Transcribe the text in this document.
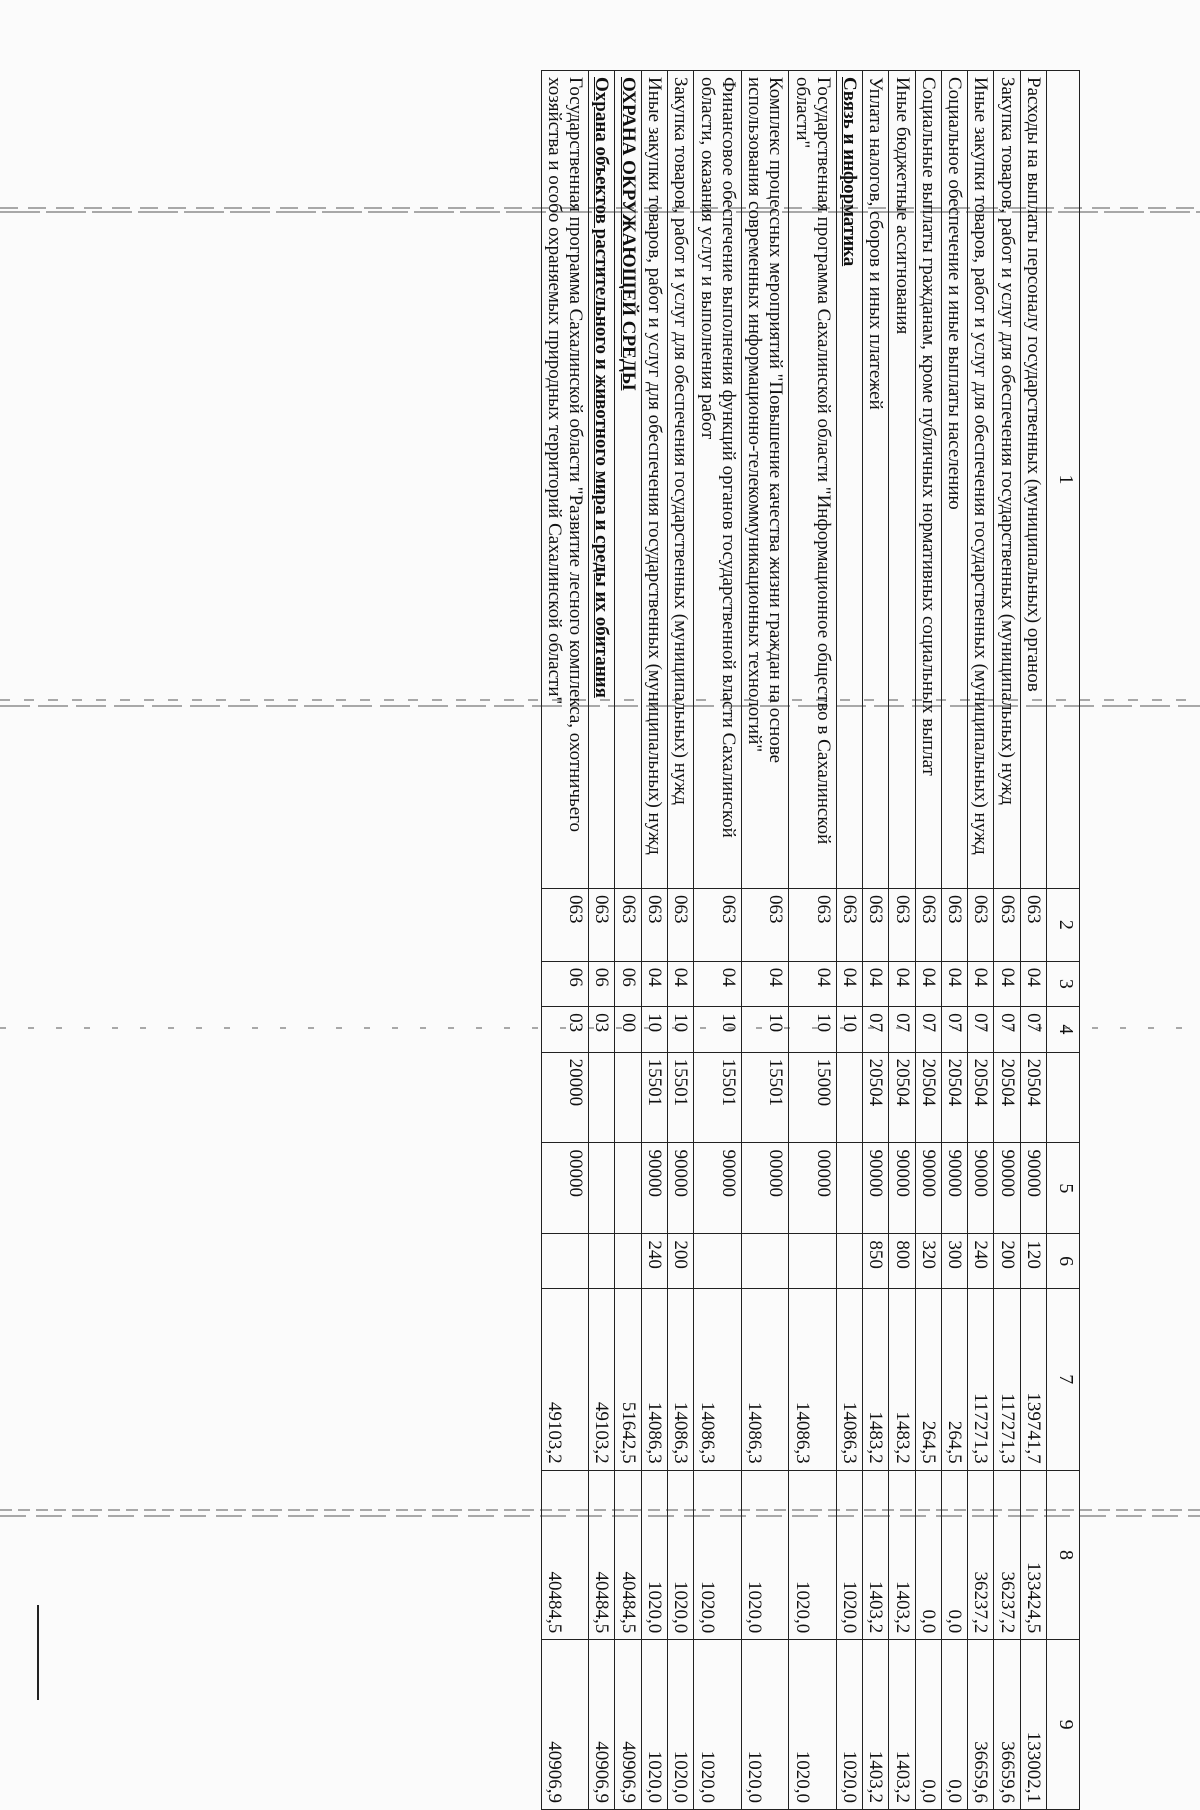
1	2	3	4		5	6	7	8	9
Расходы на выплаты персоналу государственных (муниципальных) органов	063	04	07	20504	90000	120	139741,7	133424,5	133002,1
Закупка товаров, работ и услуг для обеспечения государственных (муниципальных) нужд	063	04	07	20504	90000	200	117271,3	36237,2	36659,6
Иные закупки товаров, работ и услуг для обеспечения государственных (муниципальных) нужд	063	04	07	20504	90000	240	117271,3	36237,2	36659,6
Социальное обеспечение и иные выплаты населению	063	04	07	20504	90000	300	264,5	0,0	0,0
Социальные выплаты гражданам, кроме публичных нормативных социальных выплат	063	04	07	20504	90000	320	264,5	0,0	0,0
Иные бюджетные ассигнования	063	04	07	20504	90000	800	1483,2	1403,2	1403,2
Уплата налогов, сборов и иных платежей	063	04	07	20504	90000	850	1483,2	1403,2	1403,2
Связь и информатика	063	04	10				14086,3	1020,0	1020,0
Государственная программа Сахалинской области "Информационное общество в Сахалинской области"	063	04	10	15000	00000		14086,3	1020,0	1020,0
Комплекс процессных мероприятий "Повышение качества жизни граждан на основе использования современных информационно-телекоммуникационных технологий"	063	04	10	15501	00000		14086,3	1020,0	1020,0
Финансовое обеспечение выполнения функций органов государственной власти Сахалинской области, оказания услуг и выполнения работ	063	04	10	15501	90000		14086,3	1020,0	1020,0
Закупка товаров, работ и услуг для обеспечения государственных (муниципальных) нужд	063	04	10	15501	90000	200	14086,3	1020,0	1020,0
Иные закупки товаров, работ и услуг для обеспечения государственных (муниципальных) нужд	063	04	10	15501	90000	240	14086,3	1020,0	1020,0
ОХРАНА ОКРУЖАЮЩЕЙ СРЕДЫ	063	06	00				51642,5	40484,5	40906,9
Охрана объектов растительного и животного мира и среды их обитания	063	06	03				49103,2	40484,5	40906,9
Государственная программа Сахалинской области "Развитие лесного комплекса, охотничьего хозяйства и особо охраняемых природных территорий Сахалинской области"	063	06	03	20000	00000		49103,2	40484,5	40906,9
